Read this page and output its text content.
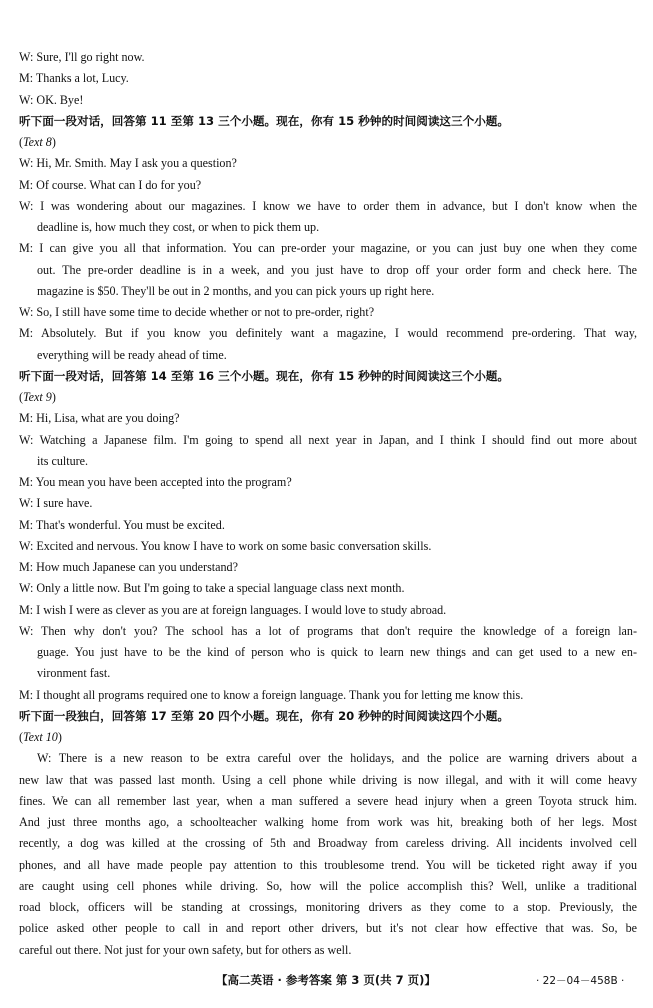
W: Sure, I'll go right now.
M: Thanks a lot, Lucy.
W: OK. Bye!
听下面一段对话，回答第 11 至第 13 三个小题。现在，你有 15 秒钟的时间阅读这三个小题。
(Text 8)
W: Hi, Mr. Smith. May I ask you a question?
M: Of course. What can I do for you?
W: I was wondering about our magazines. I know we have to order them in advance, but I don't know when the
deadline is, how much they cost, or when to pick them up.
M: I can give you all that information. You can pre-order your magazine, or you can just buy one when they come
out. The pre-order deadline is in a week, and you just have to drop off your order form and check here. The
magazine is $50. They'll be out in 2 months, and you can pick yours up right here.
W: So, I still have some time to decide whether or not to pre-order, right?
M: Absolutely. But if you know you definitely want a magazine, I would recommend pre-ordering. That way,
everything will be ready ahead of time.
听下面一段对话，回答第 14 至第 16 三个小题。现在，你有 15 秒钟的时间阅读这三个小题。
(Text 9)
M: Hi, Lisa, what are you doing?
W: Watching a Japanese film. I'm going to spend all next year in Japan, and I think I should find out more about
its culture.
M: You mean you have been accepted into the program?
W: I sure have.
M: That's wonderful. You must be excited.
W: Excited and nervous. You know I have to work on some basic conversation skills.
M: How much Japanese can you understand?
W: Only a little now. But I'm going to take a special language class next month.
M: I wish I were as clever as you are at foreign languages. I would love to study abroad.
W: Then why don't you? The school has a lot of programs that don't require the knowledge of a foreign lan-
guage. You just have to be the kind of person who is quick to learn new things and can get used to a new en-
vironment fast.
M: I thought all programs required one to know a foreign language. Thank you for letting me know this.
听下面一段独白，回答第 17 至第 20 四个小题。现在，你有 20 秒钟的时间阅读这四个小题。
(Text 10)
W: There is a new reason to be extra careful over the holidays, and the police are warning drivers about a
new law that was passed last month. Using a cell phone while driving is now illegal, and with it will come heavy
fines. We can all remember last year, when a man suffered a severe head injury when a green Toyota struck him.
And just three months ago, a schoolteacher walking home from work was hit, breaking both of her legs. Most
recently, a dog was killed at the crossing of 5th and Broadway from careless driving. All incidents involved cell
phones, and all have made people pay attention to this troublesome trend. You will be ticketed right away if you
are caught using cell phones while driving. So, how will the police accomplish this? Well, unlike a traditional
road block, officers will be standing at crossings, monitoring drivers as they come to a stop. Previously, the
police asked other people to call in and report other drivers, but it's not clear how effective that was. So, be
careful out there. Not just for your own safety, but for others as well.
【高二英语 · 参考答案 第 3 页(共 7 页)】	· 22－04－458B ·
